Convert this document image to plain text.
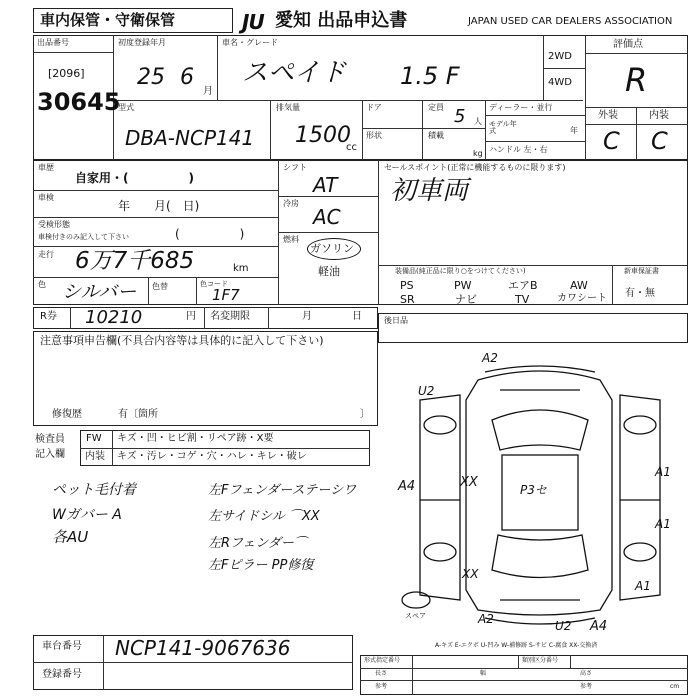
車内保管・守衛保管	JU 愛知 出品申込書	JAPAN USED CAR DEALERS ASSOCIATION
出品番号
[2096]
30645
初度登録年月
25 6
月
車名・グレード
スペイド 1.5 F
2WD
4WD
評価点
R
外装	内装
C C
型式
DBA-NCP141
排気量
1500
cc
ドア
形状
定員 5 人
積載
kg
ディーラー・並行
モデル年式	年
ハンドル 左・右
車歴
自家用・(　　　　　)
車検
年　　月(　日)
受検形態
車検付きのみ記入して下さい	(　　　　　)
走行 6万7千685	km
色 シルバー 色替	色コード
1F7
シフト
AT
冷房
AC
燃料
ガソリン
軽油
セールスポイント(正常に機能するものに限ります)
初車両
装備品(純正品に限り○をつけてください)	新車保証書
有・無
PS	PW	エアB	AW
SR	ナビ	TV	カワシート
R券 10210	円 名変期限	月	日	後日品
注意事項申告欄(不具合内容等は具体的に記入して下さい)
修復歴	有〔箇所	〕
検査員
記入欄
FW キズ・凹・ヒビ割・リペア跡・X要
内装 キズ・汚レ・コゲ・穴・ハレ・キレ・破レ
ペット毛付着
Wガバー A
各AU
左Fフェンダーステーシワ
左サイドシル ⌒XX
左Rフェンダー⌒
左Fピラー PP修復
A2
U2
A4	XX	P3セ
A1
A1
A2	U2 A4
A1
XX
スペア
A-キズ E-エクボ U-凹み W-補修跡 S-サビ C-腐食 XX-交換済
車台番号 NCP141-9067636
登録番号
形式指定番号	類別区分番号
長さ	幅	高さ
参考	参考	cm
